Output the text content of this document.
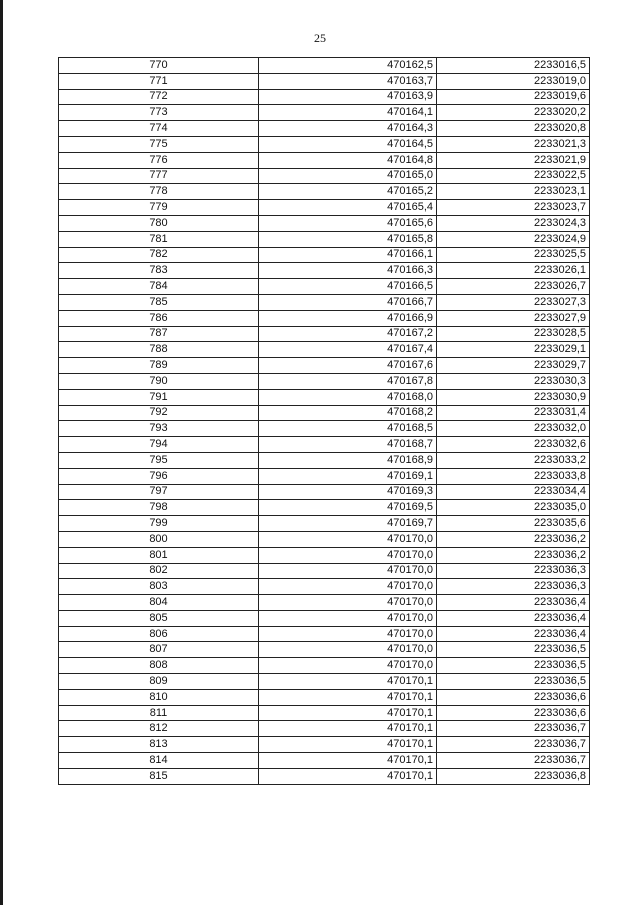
25
770	470162,5	2233016,5
771	470163,7	2233019,0
772	470163,9	2233019,6
773	470164,1	2233020,2
774	470164,3	2233020,8
775	470164,5	2233021,3
776	470164,8	2233021,9
777	470165,0	2233022,5
778	470165,2	2233023,1
779	470165,4	2233023,7
780	470165,6	2233024,3
781	470165,8	2233024,9
782	470166,1	2233025,5
783	470166,3	2233026,1
784	470166,5	2233026,7
785	470166,7	2233027,3
786	470166,9	2233027,9
787	470167,2	2233028,5
788	470167,4	2233029,1
789	470167,6	2233029,7
790	470167,8	2233030,3
791	470168,0	2233030,9
792	470168,2	2233031,4
793	470168,5	2233032,0
794	470168,7	2233032,6
795	470168,9	2233033,2
796	470169,1	2233033,8
797	470169,3	2233034,4
798	470169,5	2233035,0
799	470169,7	2233035,6
800	470170,0	2233036,2
801	470170,0	2233036,2
802	470170,0	2233036,3
803	470170,0	2233036,3
804	470170,0	2233036,4
805	470170,0	2233036,4
806	470170,0	2233036,4
807	470170,0	2233036,5
808	470170,0	2233036,5
809	470170,1	2233036,5
810	470170,1	2233036,6
811	470170,1	2233036,6
812	470170,1	2233036,7
813	470170,1	2233036,7
814	470170,1	2233036,7
815	470170,1	2233036,8
